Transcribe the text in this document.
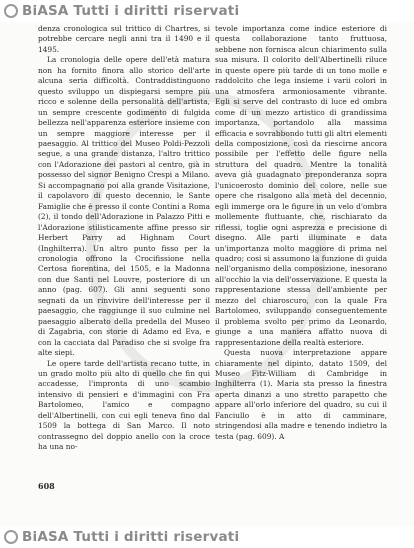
BiASA Tutti i diritti riservati

denza cronologica sul trittico di Chartres, si potrebbe cercare negli anni tra il 1490 e il 1495.

La cronologia delle opere dell'età matura non ha fornito finora allo storico dell'arte alcuna seria difficoltà. Contraddistinguono questo sviluppo un dispiegarsi sempre più ricco e solenne della personalità dell'artista, un sempre crescente godimento di fulgida bellezza nell'apparenza esteriore insieme con un sempre maggiore interesse per il paesaggio. Al trittico del Museo Poldi-Pezzoli segue, a una grande distanza, l'altro trittico con l'Adorazione dei pastori al centro, già in possesso del signor Benigno Crespi a Milano. Si accompagnano poi alla grande Visitazione, il capolavoro di questo decennio, le Sante Famiglie che è presso il conte Contini a Roma (2), il tondo dell'Adorazione in Palazzo Pitti e l'Adorazione stilisticamente affine presso sir Herbert Parry ad Highnam Court (Inghilterra). Un altro punto fisso per la cronologia offrono la Crocifissione nella Certosa fiorentina, del 1505, e la Madonna con due Santi nel Louvre, posteriore di un anno (pag. 607). Gli anni seguenti sono segnati da un rinvivire dell'interesse per il paesaggio, che raggiunge il suo culmine nel paesaggio alberato della predella del Museo di Zagabria, con storie di Adamo ed Eva, e con la cacciata dal Paradiso che si svolge fra alte siepi.

Le opere tarde dell'artista recano tutte, in un grado molto più alto di quello che fin qui accadesse, l'impronta di uno scambio intensivo di pensieri e d'immagini con Fra Bartolomeo, l'amico e compagno dell'Albertinelli, con cui egli teneva fino dal 1509 la bottega di San Marco. Il noto contrassegno del doppio anello con la croce ha una no-

tevole importanza come indice esteriore di questa collaborazione tanto fruttuosa, sebbene non fornisca alcun chiarimento sulla sua misura. Il colorito dell'Albertinelli riluce in queste opere più tarde di un tono molle e raddolcito che lega insieme i varii colori in una atmosfera armoniosamente vibrante. Egli si serve del contrasto di luce ed ombra come di un mezzo artistico di grandissima importanza, portandolo alla massima efficacia e sovrabbondo tutti gli altri elementi della composizione, così da riescirne ancora possibile per l'effetto delle figure nella struttura del quadro. Mentre la tonalità aveva già guadagnato preponderanza sopra l'unicoerosto dominio del colore, nelle sue opere che risalgono alla metà del decennio, egli immerge ora le figure in un velo d'ombra mollemente fluttuante, che, rischiarato da riflessi, toglie ogni asprezza e precisione di disegno. Alle parti illuminate e data un'importanza molto maggiore di prima nel quadro; cosi si assumono la funzione di guida nell'organismo della composizione, inesorano all'occhio la via dell'osservazione. E questa la rappresentazione stessa dell'ambiente per mezzo del chiaroscuro, con la quale Fra Bartolomeo, sviluppando conseguentemente il problema svolto per primo da Leonardo, giunge a una maniera affatto nuova di rappresentazione della realtà esteriore.

Questa nuova interpretazione appare chiaramente nel dipinto, datato 1509, del Museo Fitz-William di Cambridge in Inghilterra (1). Maria sta presso la finestra aperta dinanzi a uno stretto parapetto che appare all'orlo inferiore del quadro, su cui il Fanciullo è in atto di camminare, stringendosi alla madre e tenendo indietro la testa (pag. 609). A

608
BiASA Tutti i diritti riservati
